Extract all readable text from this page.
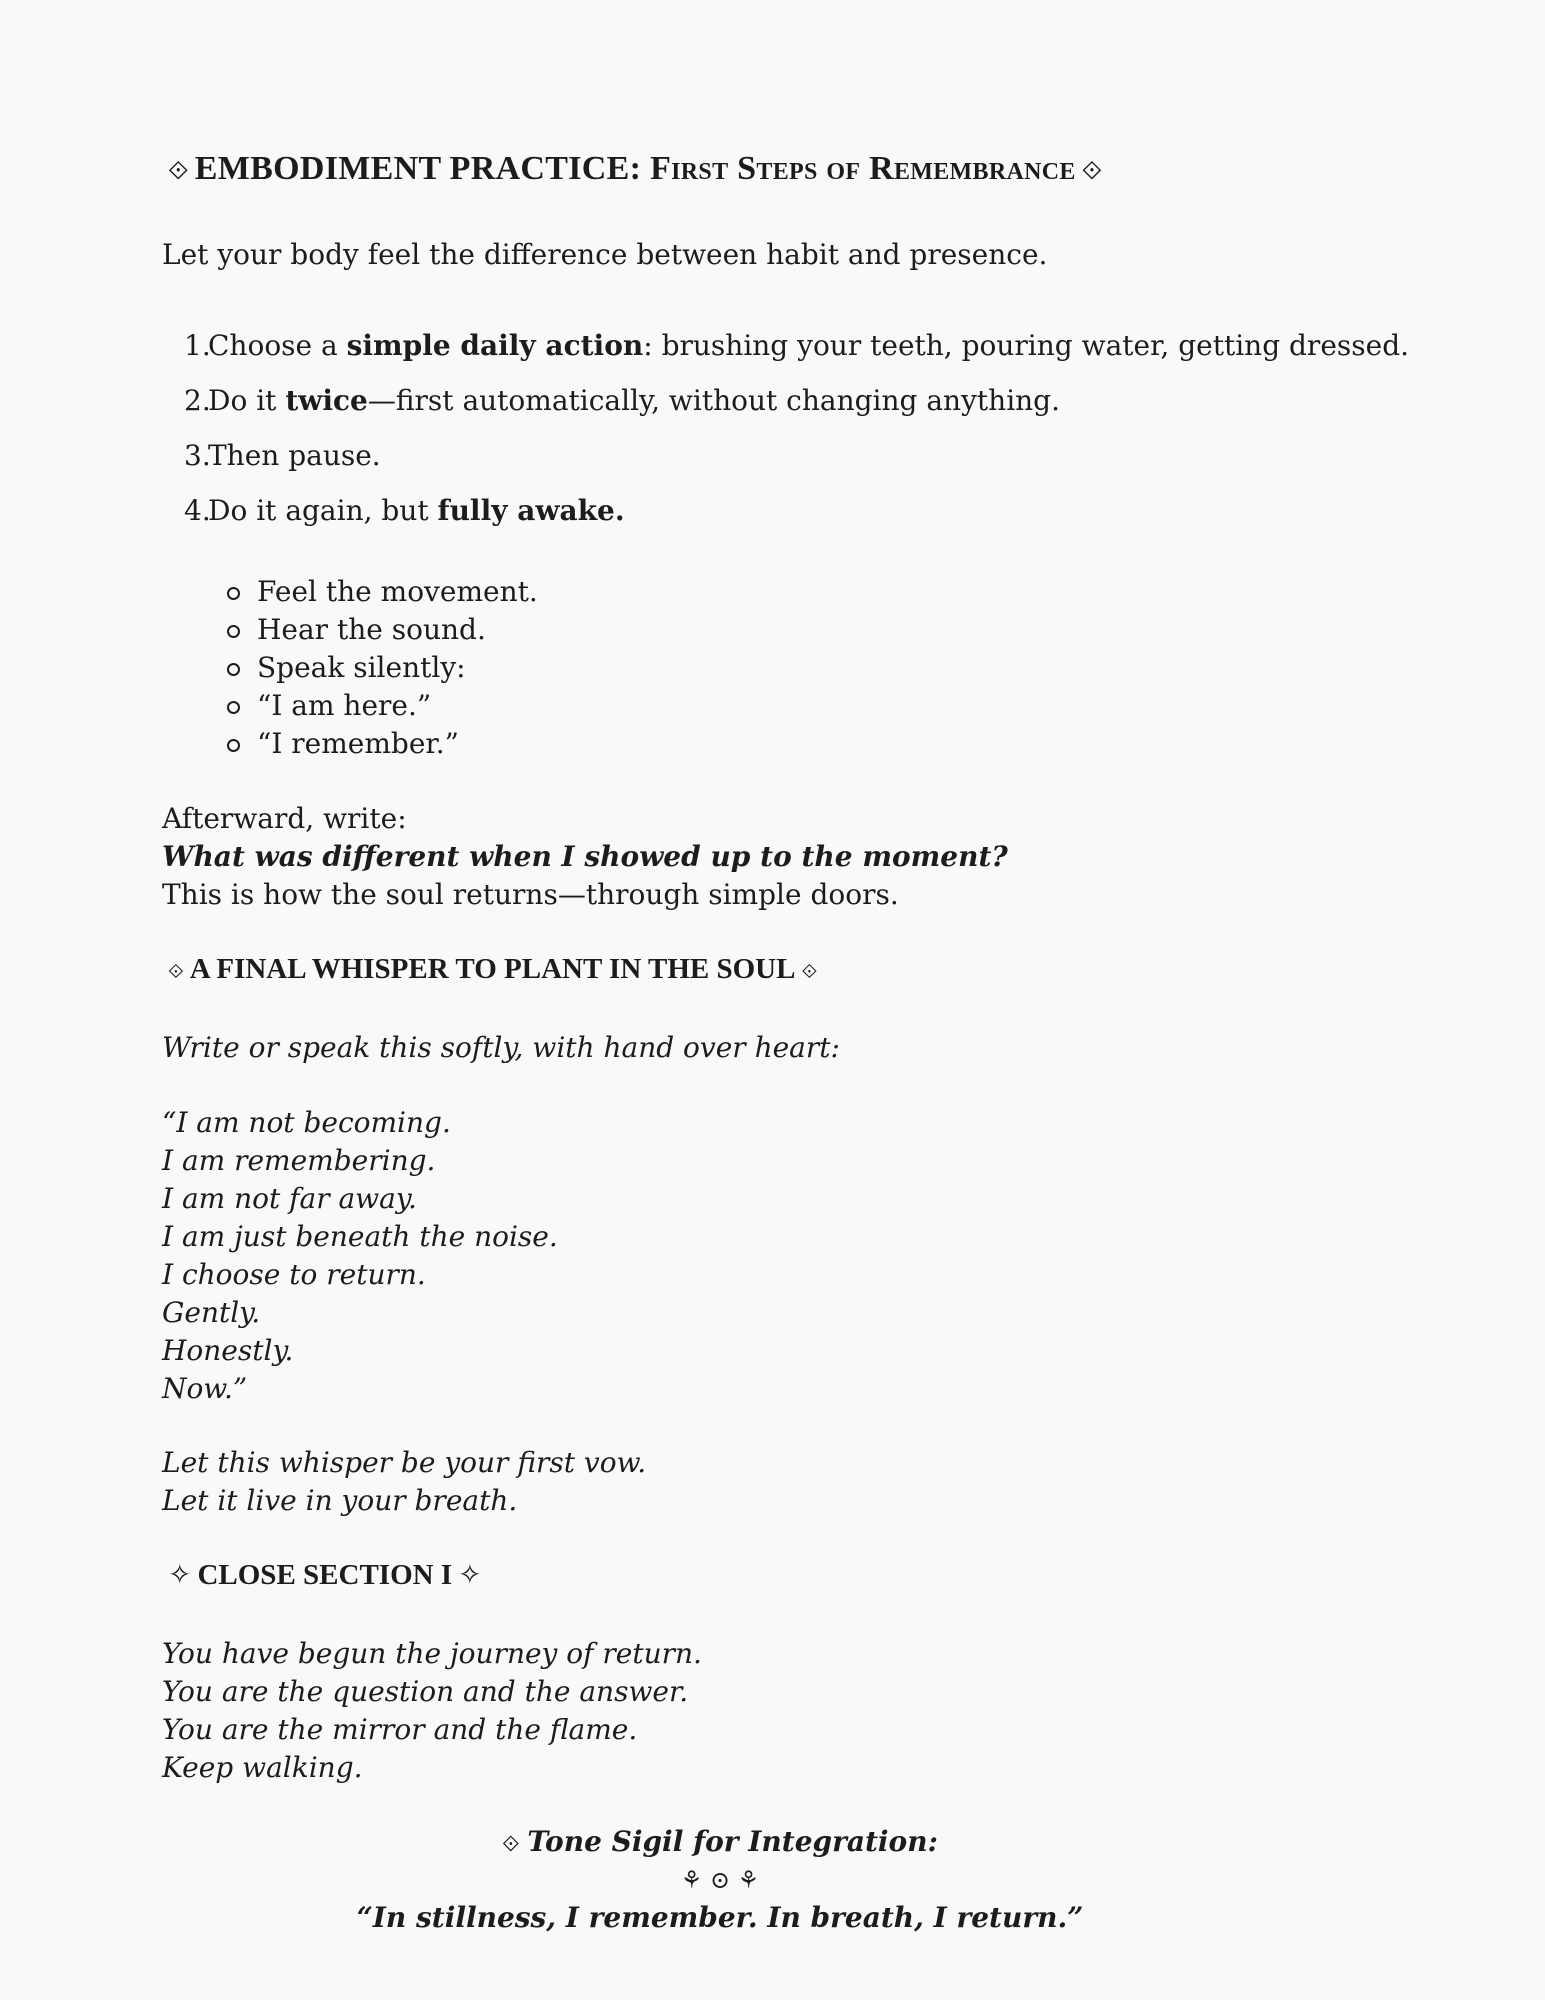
⟐ EMBODIMENT PRACTICE: First Steps of Remembrance ⟐
Let your body feel the difference between habit and presence.
1.
Choose a simple daily action: brushing your teeth, pouring water, getting dressed.
2.
Do it twice—first automatically, without changing anything.
3.
Then pause.
4.
Do it again, but fully awake.
Feel the movement.
Hear the sound.
Speak silently:
“I am here.”
“I remember.”
Afterward, write:
What was different when I showed up to the moment?
This is how the soul returns—through simple doors.
⟐ A FINAL WHISPER TO PLANT IN THE SOUL ⟐
Write or speak this softly, with hand over heart:
“I am not becoming.
I am remembering.
I am not far away.
I am just beneath the noise.
I choose to return.
Gently.
Honestly.
Now.”
Let this whisper be your first vow.
Let it live in your breath.
✧ CLOSE SECTION I ✧
You have begun the journey of return.
You are the question and the answer.
You are the mirror and the flame.
Keep walking.
⟐ Tone Sigil for Integration:
⚘ ⊙ ⚘
“In stillness, I remember. In breath, I return.”
